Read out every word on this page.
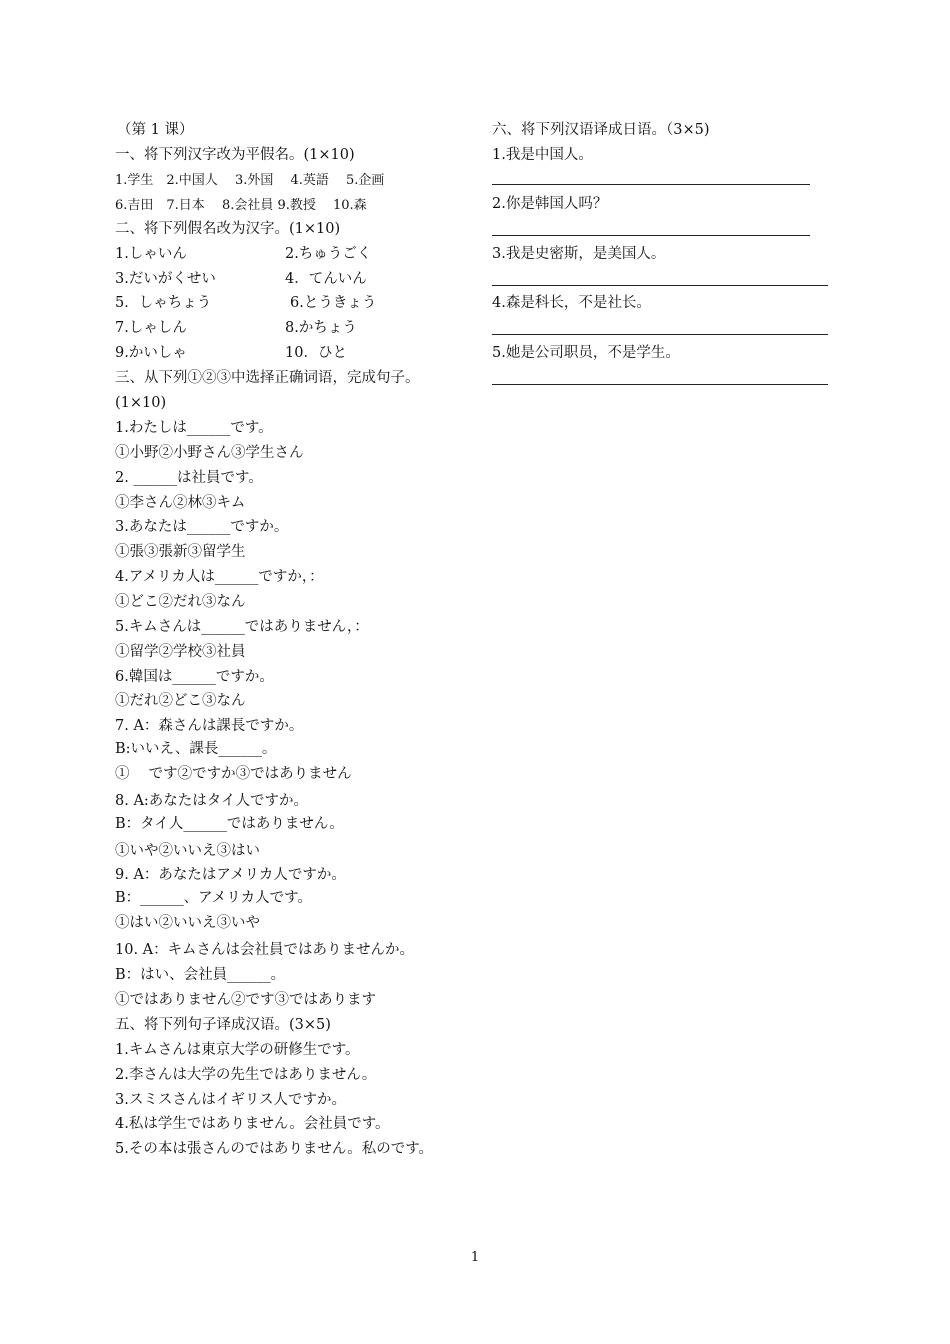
（第 1 课）
一、将下列汉字改为平假名。(1×10)
1.学生　2.中国人　 3.外国　 4.英語　 5.企画
6.吉田　7.日本　 8.会社員 9.教授　 10.森
二、将下列假名改为汉字。(1×10)
1.しゃいん	2.ちゅうごく
3.だいがくせい	4．てんいん
5．しゃちょう	6.とうきょう
7.しゃしん	8.かちょう
9.かいしゃ	10．ひと
三、从下列①②③中选择正确词语，完成句子。
(1×10)
1.わたしは______です。
①小野②小野さん③学生さん
2. ______は社員です。
①李さん②林③キム
3.あなたは______ですか。
①張③張新③留学生
4.アメリカ人は______ですか，：
①どこ②だれ③なん
5.キムさんは______ではありません，：
①留学②学校③社員
6.韓国は______ですか。
①だれ②どこ③なん
7. A：森さんは課長ですか。
B:いいえ、課長______。
①　 です②ですか③ではありません
8. A:あなたはタイ人ですか。
B：タイ人______ではありません。
①いや②いいえ③はい
9. A：あなたはアメリカ人ですか。
B：______、アメリカ人です。
①はい②いいえ③いや
10. A：キムさんは会社員ではありませんか。
B：はい、会社員______。
①ではありません②です③ではあります
五、将下列句子译成汉语。(3×5)
1.キムさんは東京大学の研修生です。
2.李さんは大学の先生ではありません。
3.スミスさんはイギリス人ですか。
4.私は学生ではありません。会社員です。
5.その本は張さんのではありません。私のです。
六、将下列汉语译成日语。（3×5)
1.我是中国人。
2.你是韩国人吗？
3.我是史密斯，是美国人。
4.森是科长，不是社长。
5.她是公司职员，不是学生。
1
